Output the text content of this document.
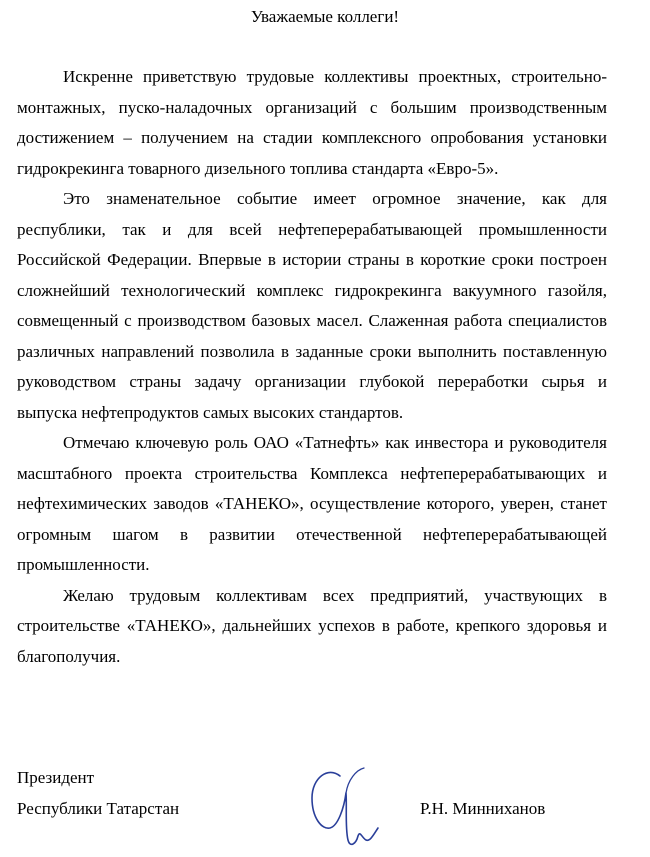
Уважаемые коллеги!

Искренне приветствую трудовые коллективы проектных, строительно-монтажных, пуско-наладочных организаций с большим производственным достижением – получением на стадии комплексного опробования установки гидрокрекинга товарного дизельного топлива стандарта «Евро-5».

Это знаменательное событие имеет огромное значение, как для республики, так и для всей нефтеперерабатывающей промышленности Российской Федерации. Впервые в истории страны в короткие сроки построен сложнейший технологический комплекс гидрокрекинга вакуумного газойля, совмещенный с производством базовых масел. Слаженная работа специалистов различных направлений позволила в заданные сроки выполнить поставленную руководством страны задачу организации глубокой переработки сырья и выпуска нефтепродуктов самых высоких стандартов.

Отмечаю ключевую роль ОАО «Татнефть» как инвестора и руководителя масштабного проекта строительства Комплекса нефтеперерабатывающих и нефтехимических заводов «ТАНЕКО», осуществление которого, уверен, станет огромным шагом в развитии отечественной нефтеперерабатывающей промышленности.

Желаю трудовым коллективам всех предприятий, участвующих в строительстве «ТАНЕКО», дальнейших успехов в работе, крепкого здоровья и благополучия.

Президент
Республики Татарстан	Р.Н. Минниханов
